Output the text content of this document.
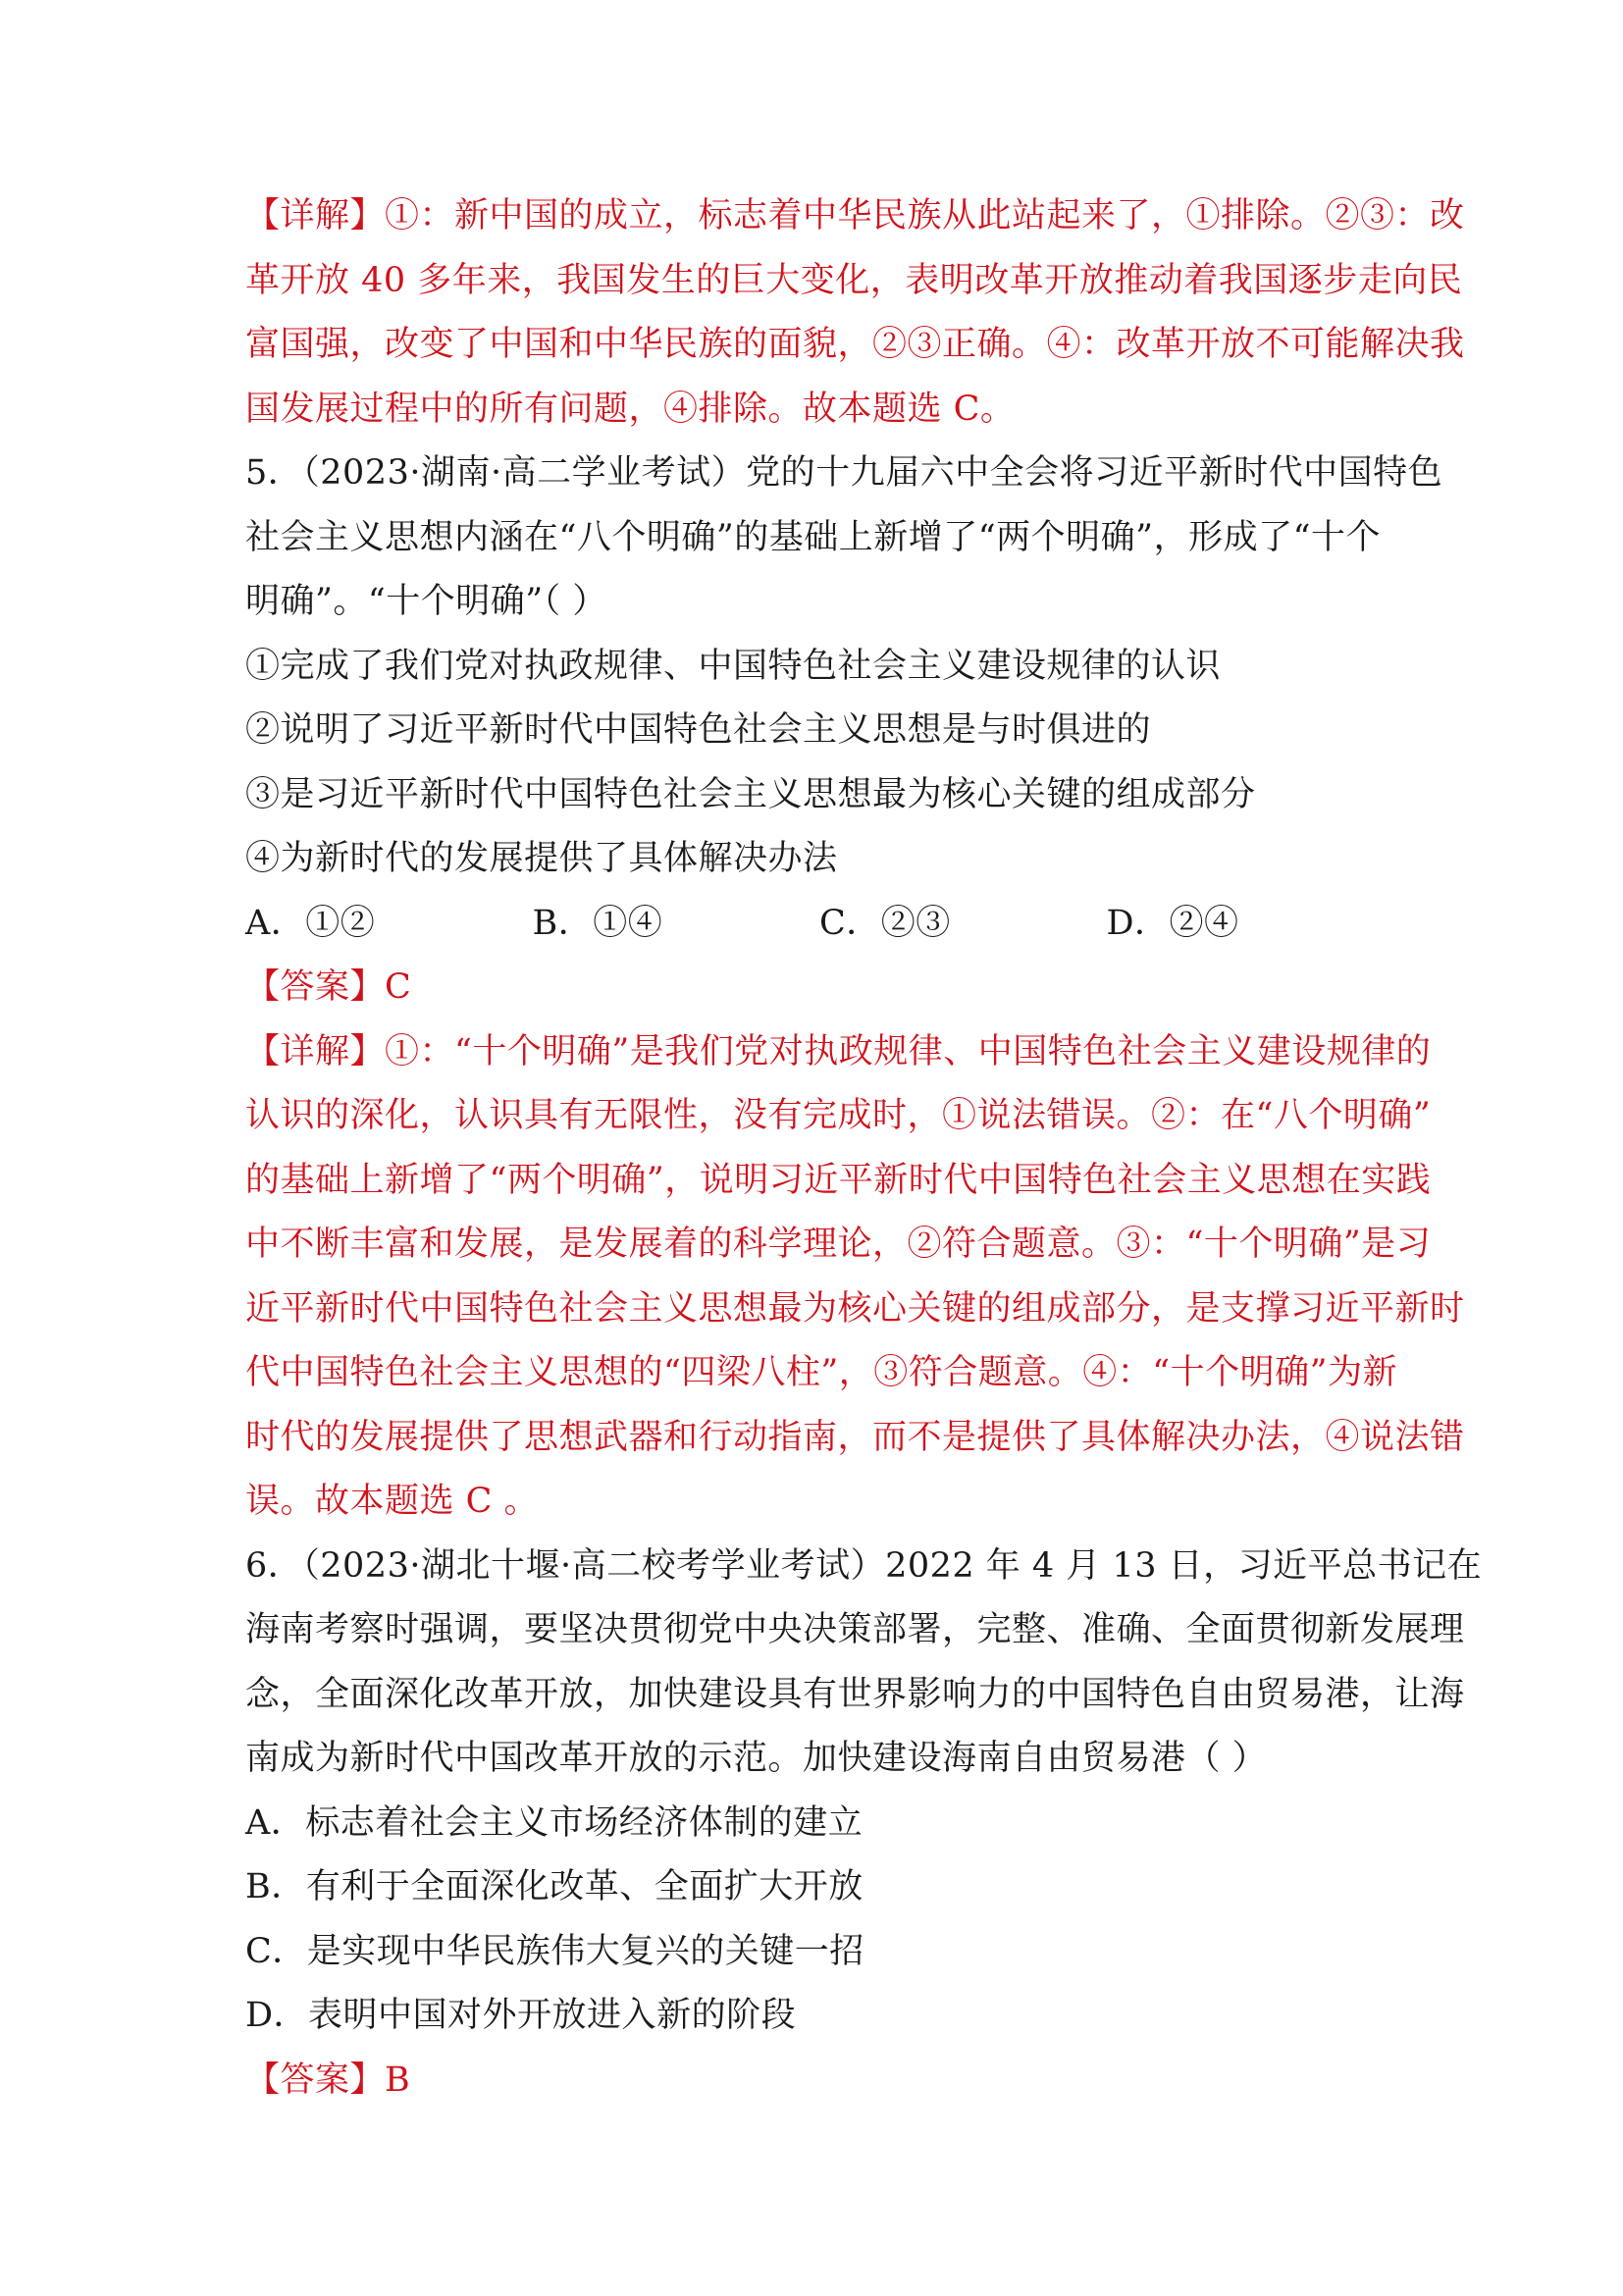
【详解】①：新中国的成立，标志着中华民族从此站起来了，①排除。②③：改
革开放 40 多年来，我国发生的巨大变化，表明改革开放推动着我国逐步走向民
富国强，改变了中国和中华民族的面貌，②③正确。④：改革开放不可能解决我
国发展过程中的所有问题，④排除。故本题选 C。
5．（2023·湖南·高二学业考试）党的十九届六中全会将习近平新时代中国特色
社会主义思想内涵在“八个明确”的基础上新增了“两个明确”，形成了“十个
明确”。“十个明确”（ ）
①完成了我们党对执政规律、中国特色社会主义建设规律的认识
②说明了习近平新时代中国特色社会主义思想是与时俱进的
③是习近平新时代中国特色社会主义思想最为核心关键的组成部分
④为新时代的发展提供了具体解决办法
A．①②	B．①④	C．②③	D．②④
【答案】C
【详解】①：“十个明确”是我们党对执政规律、中国特色社会主义建设规律的
认识的深化，认识具有无限性，没有完成时，①说法错误。②：在“八个明确”
的基础上新增了“两个明确”，说明习近平新时代中国特色社会主义思想在实践
中不断丰富和发展，是发展着的科学理论，②符合题意。③：“十个明确”是习
近平新时代中国特色社会主义思想最为核心关键的组成部分，是支撑习近平新时
代中国特色社会主义思想的“四梁八柱”，③符合题意。④：“十个明确”为新
时代的发展提供了思想武器和行动指南，而不是提供了具体解决办法，④说法错
误。故本题选 C 。
6．（2023·湖北十堰·高二校考学业考试）2022 年 4 月 13 日，习近平总书记在
海南考察时强调，要坚决贯彻党中央决策部署，完整、准确、全面贯彻新发展理
念，全面深化改革开放，加快建设具有世界影响力的中国特色自由贸易港，让海
南成为新时代中国改革开放的示范。加快建设海南自由贸易港（ ）
A．标志着社会主义市场经济体制的建立
B．有利于全面深化改革、全面扩大开放
C．是实现中华民族伟大复兴的关键一招
D．表明中国对外开放进入新的阶段
【答案】B
